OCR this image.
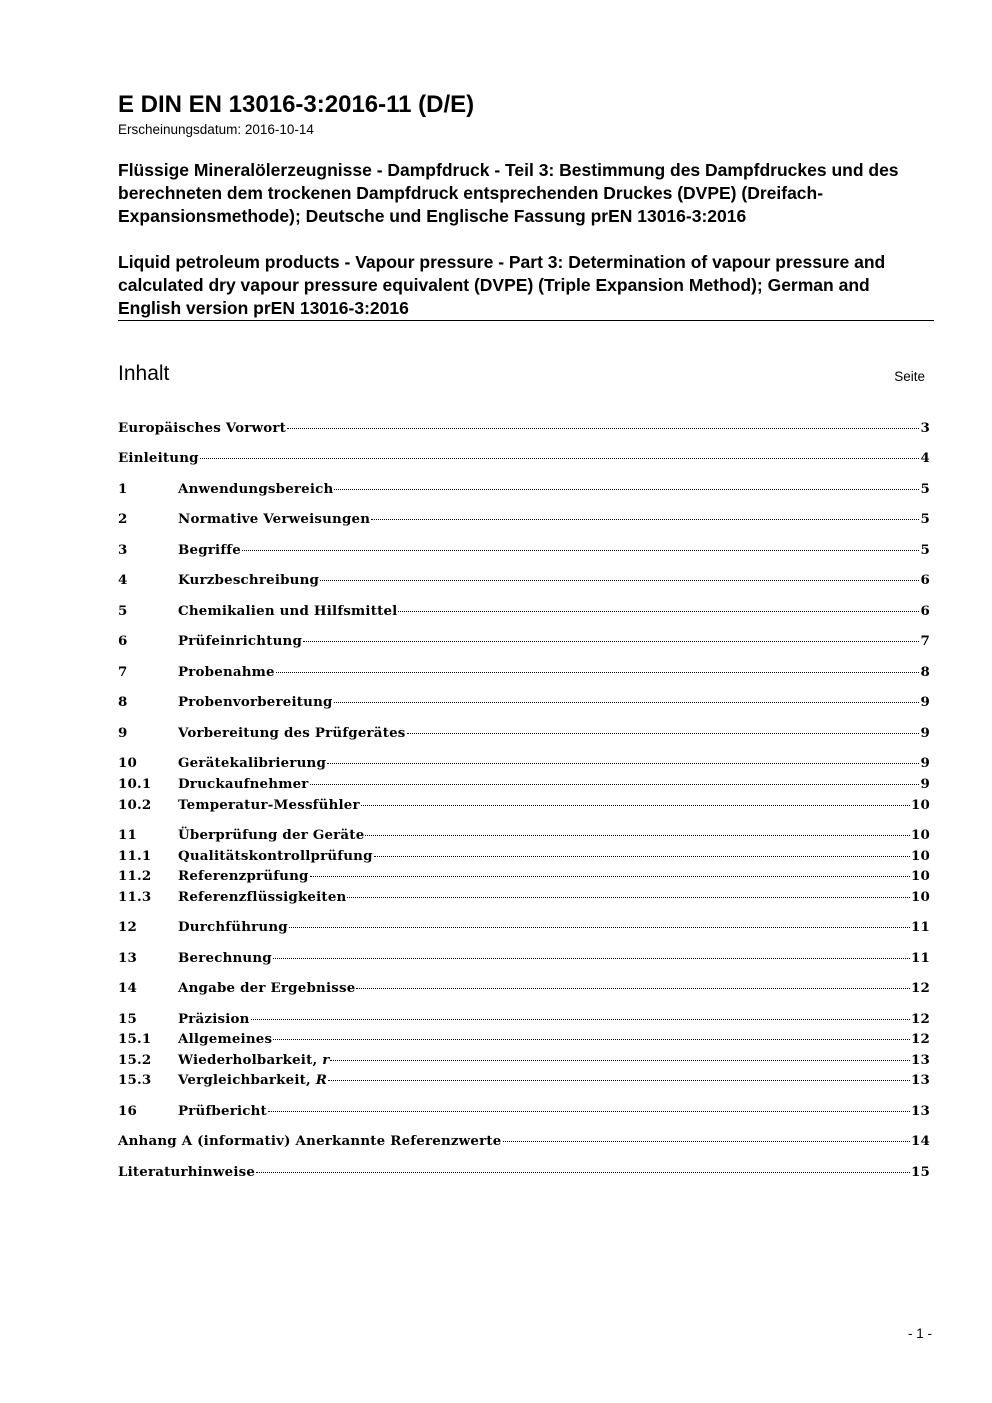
E DIN EN 13016-3:2016-11 (D/E)
Erscheinungsdatum: 2016-10-14
Flüssige Mineralölerzeugnisse - Dampfdruck - Teil 3: Bestimmung des Dampfdruckes und des berechneten dem trockenen Dampfdruck entsprechenden Druckes (DVPE) (Dreifach-Expansionsmethode); Deutsche und Englische Fassung prEN 13016-3:2016
Liquid petroleum products - Vapour pressure - Part 3: Determination of vapour pressure and calculated dry vapour pressure equivalent (DVPE) (Triple Expansion Method); German and English version prEN 13016-3:2016
Inhalt	Seite
Europäisches Vorwort	3
Einleitung	4
1	Anwendungsbereich	5
2	Normative Verweisungen	5
3	Begriffe	5
4	Kurzbeschreibung	6
5	Chemikalien und Hilfsmittel	6
6	Prüfeinrichtung	7
7	Probenahme	8
8	Probenvorbereitung	9
9	Vorbereitung des Prüfgerätes	9
10	Gerätekalibrierung	9
10.1	Druckaufnehmer	9
10.2	Temperatur-Messfühler	10
11	Überprüfung der Geräte	10
11.1	Qualitätskontrollprüfung	10
11.2	Referenzprüfung	10
11.3	Referenzflüssigkeiten	10
12	Durchführung	11
13	Berechnung	11
14	Angabe der Ergebnisse	12
15	Präzision	12
15.1	Allgemeines	12
15.2	Wiederholbarkeit, r	13
15.3	Vergleichbarkeit, R	13
16	Prüfbericht	13
Anhang A (informativ) Anerkannte Referenzwerte	14
Literaturhinweise	15
- 1 -
